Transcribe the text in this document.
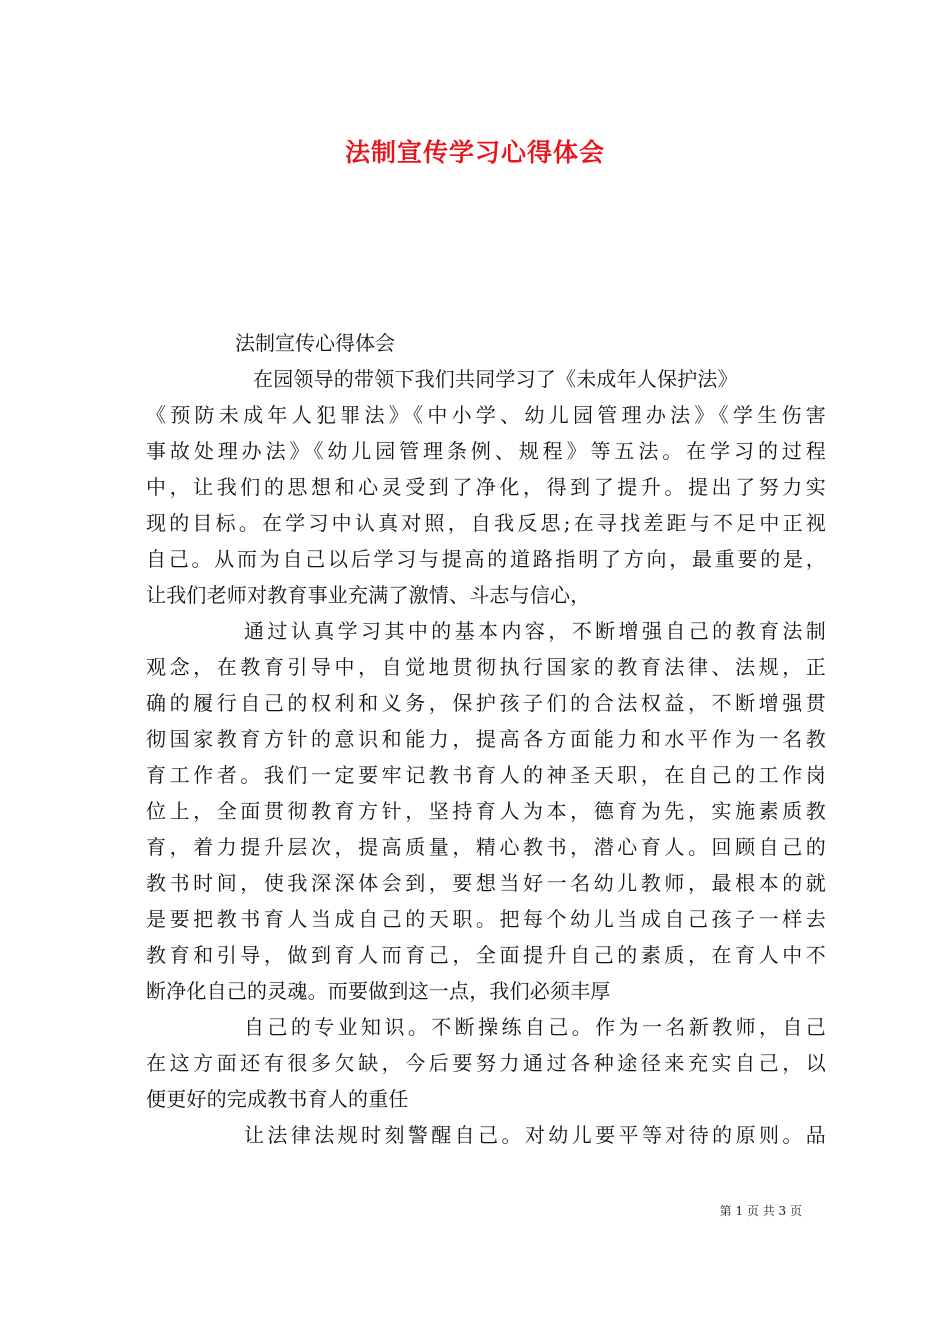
法制宣传学习心得体会
法制宣传心得体会
在园领导的带领下我们共同学习了《未成年人保护法》
《预防未成年人犯罪法》《中小学、幼儿园管理办法》《学生伤害
事故处理办法》《幼儿园管理条例、规程》等五法。在学习的过程
中，让我们的思想和心灵受到了净化，得到了提升。提出了努力实
现的目标。在学习中认真对照，自我反思;在寻找差距与不足中正视
自己。从而为自己以后学习与提高的道路指明了方向，最重要的是，
让我们老师对教育事业充满了激情、斗志与信心，
通过认真学习其中的基本内容，不断增强自己的教育法制
观念，在教育引导中，自觉地贯彻执行国家的教育法律、法规，正
确的履行自己的权利和义务，保护孩子们的合法权益，不断增强贯
彻国家教育方针的意识和能力，提高各方面能力和水平作为一名教
育工作者。我们一定要牢记教书育人的神圣天职，在自己的工作岗
位上，全面贯彻教育方针，坚持育人为本，德育为先，实施素质教
育，着力提升层次，提高质量，精心教书，潜心育人。回顾自己的
教书时间，使我深深体会到，要想当好一名幼儿教师，最根本的就
是要把教书育人当成自己的天职。把每个幼儿当成自己孩子一样去
教育和引导，做到育人而育己，全面提升自己的素质，在育人中不
断净化自己的灵魂。而要做到这一点，我们必须丰厚
自己的专业知识。不断操练自己。作为一名新教师，自己
在这方面还有很多欠缺，今后要努力通过各种途径来充实自己，以
便更好的完成教书育人的重任
让法律法规时刻警醒自己。对幼儿要平等对待的原则。品
第 1 页 共 3 页
